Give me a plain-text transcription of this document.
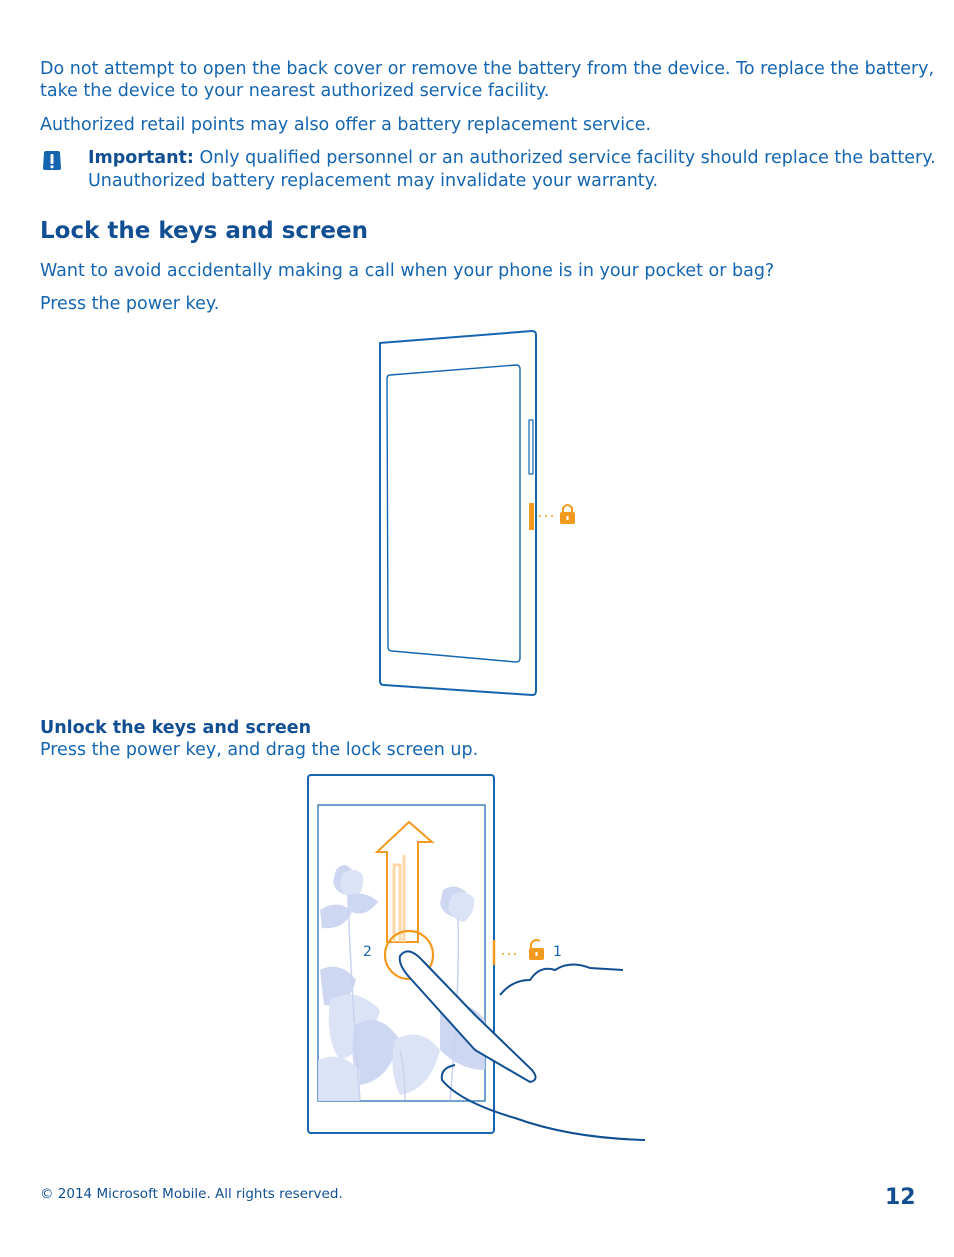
Do not attempt to open the back cover or remove the battery from the device. To replace the battery,

take the device to your nearest authorized service facility.

Authorized retail points may also offer a battery replacement service.

Important: Only qualified personnel or an authorized service facility should replace the battery.

Unauthorized battery replacement may invalidate your warranty.

Lock the keys and screen

Want to avoid accidentally making a call when your phone is in your pocket or bag?

Press the power key.

Unlock the keys and screen

Press the power key, and drag the lock screen up.

2	1
© 2014 Microsoft Mobile. All rights reserved.	12
